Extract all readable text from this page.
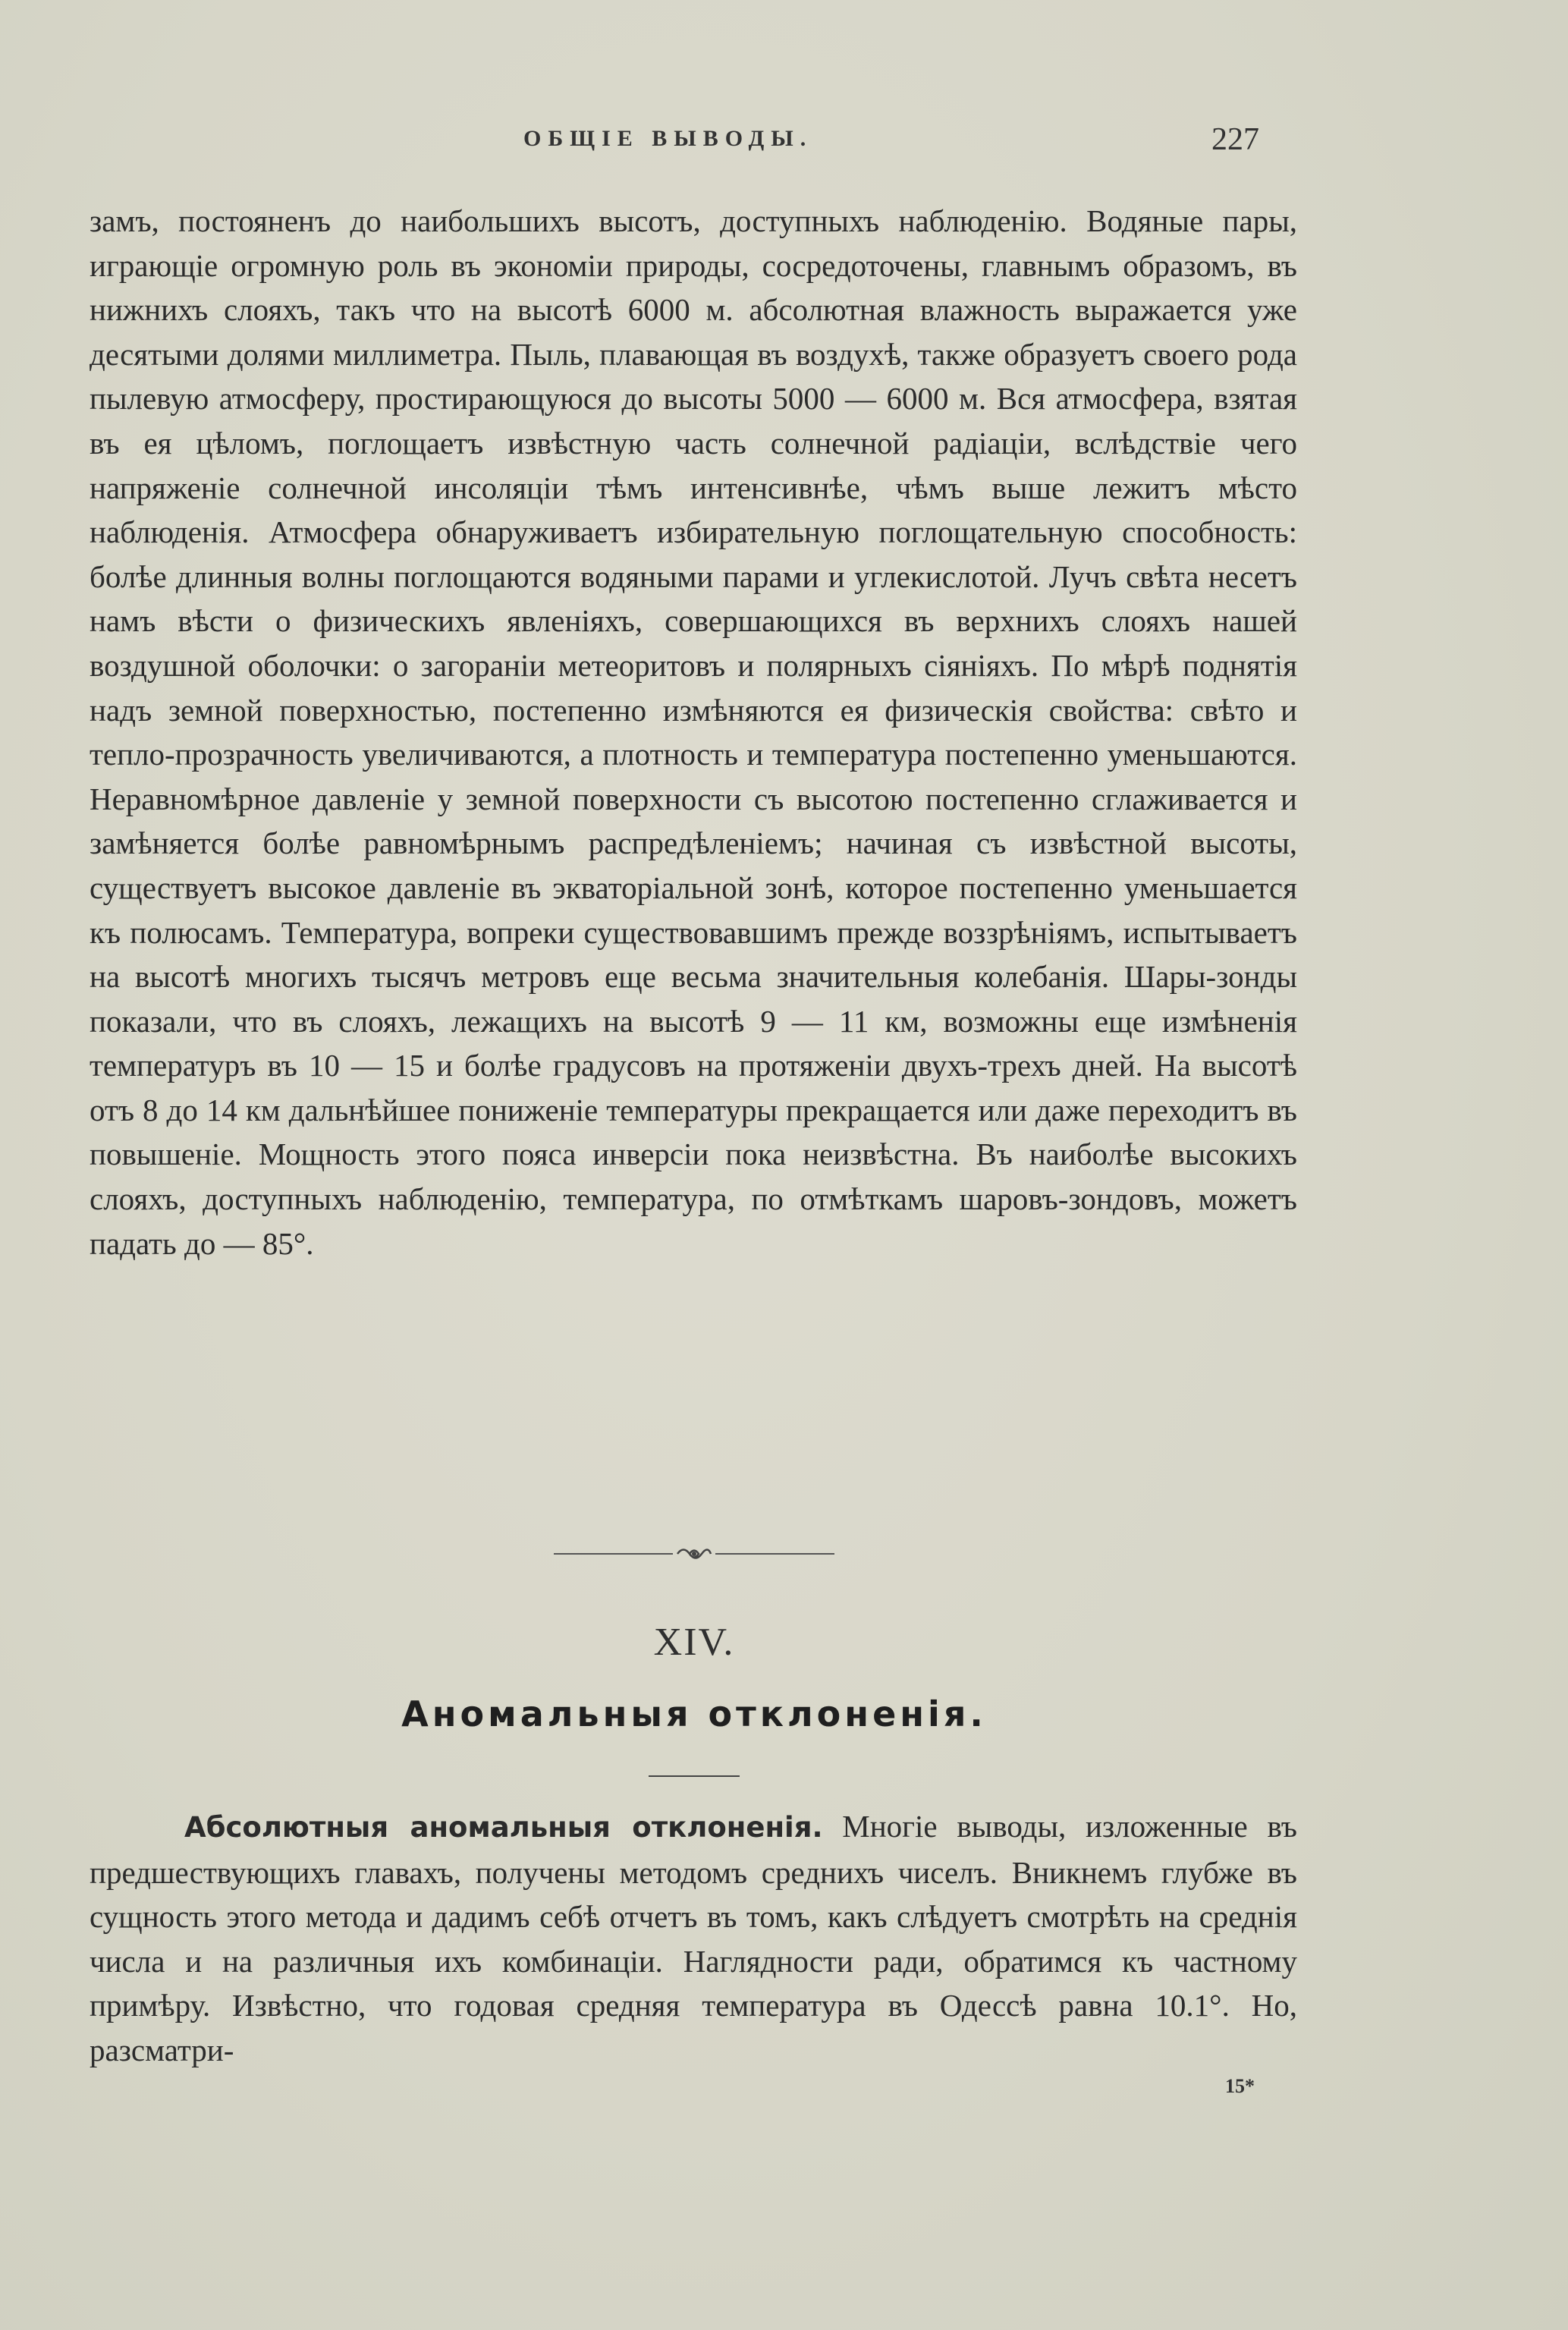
ОБЩІЕ ВЫВОДЫ.	227

замъ, постояненъ до наибольшихъ высотъ, доступныхъ наблюденію. Водяные пары, играющіе огромную роль въ экономіи природы, сосредоточены, главнымъ образомъ, въ нижнихъ слояхъ, такъ что на высотѣ 6000 м. абсолютная влажность выражается уже десятыми долями миллиметра. Пыль, плавающая въ воздухѣ, также образуетъ своего рода пылевую атмосферу, простирающуюся до высоты 5000 — 6000 м. Вся атмосфера, взятая въ ея цѣломъ, поглощаетъ извѣстную часть солнечной радіаціи, вслѣдствіе чего напряженіе солнечной инсоляціи тѣмъ интенсивнѣе, чѣмъ выше лежитъ мѣсто наблюденія. Атмосфера обнаруживаетъ избирательную поглощательную способность: болѣе длинныя волны поглощаются водяными парами и углекислотой. Лучъ свѣта несетъ намъ вѣсти о физическихъ явленіяхъ, совершающихся въ верхнихъ слояхъ нашей воздушной оболочки: о загораніи метеоритовъ и полярныхъ сіяніяхъ. По мѣрѣ поднятія надъ земной поверхностью, постепенно измѣняются ея физическія свойства: свѣто и тепло-прозрачность увеличиваются, а плотность и температура постепенно уменьшаются. Неравномѣрное давленіе у земной поверхности съ высотою постепенно сглаживается и замѣняется болѣе равномѣрнымъ распредѣленіемъ; начиная съ извѣстной высоты, существуетъ высокое давленіе въ экваторіальной зонѣ, которое постепенно уменьшается къ полюсамъ. Температура, вопреки существовавшимъ прежде воззрѣніямъ, испытываетъ на высотѣ многихъ тысячъ метровъ еще весьма значительныя колебанія. Шары-зонды показали, что въ слояхъ, лежащихъ на высотѣ 9 — 11 км, возможны еще измѣненія температуръ въ 10 — 15 и болѣе градусовъ на протяженіи двухъ-трехъ дней. На высотѣ отъ 8 до 14 км дальнѣйшее пониженіе температуры прекращается или даже переходитъ въ повышеніе. Мощность этого пояса инверсіи пока неизвѣстна. Въ наиболѣе высокихъ слояхъ, доступныхъ наблюденію, температура, по отмѣткамъ шаровъ-зондовъ, можетъ падать до — 85°.

XIV.
Аномальныя отклоненія.

Абсолютныя аномальныя отклоненія. Многіе выводы, изложенные въ предшествующихъ главахъ, получены методомъ среднихъ чиселъ. Вникнемъ глубже въ сущность этого метода и дадимъ себѣ отчетъ въ томъ, какъ слѣдуетъ смотрѣть на среднія числа и на различныя ихъ комбинаціи. Наглядности ради, обратимся къ частному примѣру. Извѣстно, что годовая средняя температура въ Одессѣ равна 10.1°. Но, разсматри-

15*
